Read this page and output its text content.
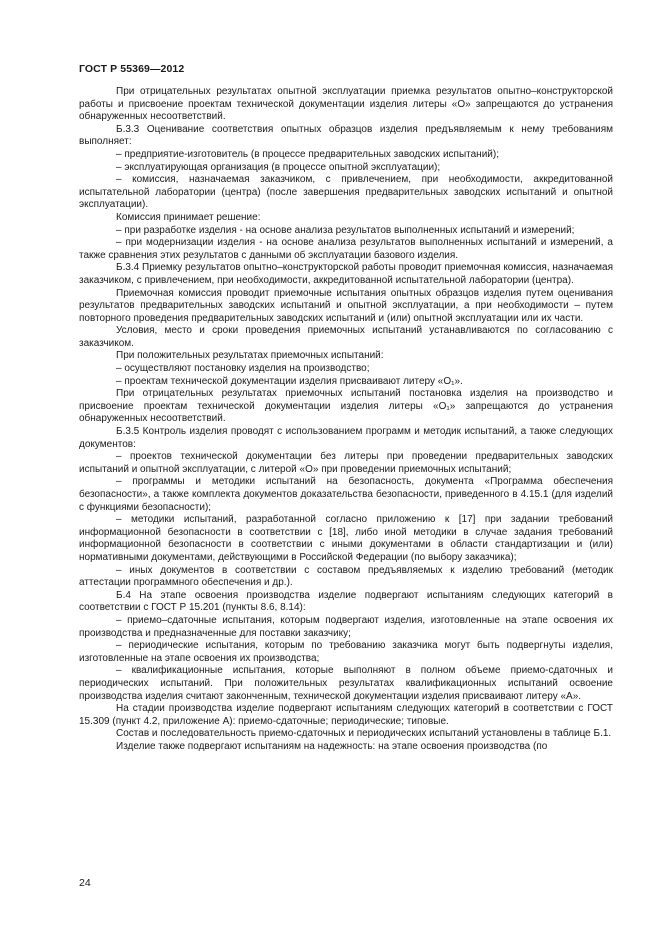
ГОСТ Р 55369—2012

При отрицательных результатах опытной эксплуатации приемка результатов опытно–конструкторской работы и присвоение проектам технической документации изделия литеры «О» запрещаются до устранения обнаруженных несоответствий.

Б.3.3 Оценивание соответствия опытных образцов изделия предъявляемым к нему требованиям выполняет:

– предприятие-изготовитель (в процессе предварительных заводских испытаний);

– эксплуатирующая организация (в процессе опытной эксплуатации);

– комиссия, назначаемая заказчиком, с привлечением, при необходимости, аккредитованной испытательной лаборатории (центра) (после завершения предварительных заводских испытаний и опытной эксплуатации).

Комиссия принимает решение:

– при разработке изделия - на основе анализа результатов выполненных испытаний и измерений;

– при модернизации изделия - на основе анализа результатов выполненных испытаний и измерений, а также сравнения этих результатов с данными об эксплуатации базового изделия.

Б.3.4 Приемку результатов опытно–конструкторской работы проводит приемочная комиссия, назначаемая заказчиком, с привлечением, при необходимости, аккредитованной испытательной лаборатории (центра).

Приемочная комиссия проводит приемочные испытания опытных образцов изделия путем оценивания результатов предварительных заводских испытаний и опытной эксплуатации, а при необходимости – путем повторного проведения предварительных заводских испытаний и (или) опытной эксплуатации или их части.

Условия, место и сроки проведения приемочных испытаний устанавливаются по согласованию с заказчиком.

При положительных результатах приемочных испытаний:

– осуществляют постановку изделия на производство;

– проектам технической документации изделия присваивают литеру «О₁».

При отрицательных результатах приемочных испытаний постановка изделия на производство и присвоение проектам технической документации изделия литеры «О₁» запрещаются до устранения обнаруженных несоответствий.

Б.3.5 Контроль изделия проводят с использованием программ и методик испытаний, а также следующих документов:

– проектов технической документации без литеры при проведении предварительных заводских испытаний и опытной эксплуатации, с литерой «О» при проведении приемочных испытаний;

– программы и методики испытаний на безопасность, документа «Программа обеспечения безопасности», а также комплекта документов доказательства безопасности, приведенного в 4.15.1 (для изделий с функциями безопасности);

– методики испытаний, разработанной согласно приложению к [17] при задании требований информационной безопасности в соответствии с [18], либо иной методики в случае задания требований информационной безопасности в соответствии с иными документами в области стандартизации и (или) нормативными документами, действующими в Российской Федерации (по выбору заказчика);

– иных документов в соответствии с составом предъявляемых к изделию требований (методик аттестации программного обеспечения и др.).

Б.4 На этапе освоения производства изделие подвергают испытаниям следующих категорий в соответствии с ГОСТ Р 15.201 (пункты 8.6, 8.14):

– приемо–сдаточные испытания, которым подвергают изделия, изготовленные на этапе освоения их производства и предназначенные для поставки заказчику;

– периодические испытания, которым по требованию заказчика могут быть подвергнуты изделия, изготовленные на этапе освоения их производства;

– квалификационные испытания, которые выполняют в полном объеме приемо-сдаточных и периодических испытаний. При положительных результатах квалификационных испытаний освоение производства изделия считают законченным, технической документации изделия присваивают литеру «А».

На стадии производства изделие подвергают испытаниям следующих категорий в соответствии с ГОСТ 15.309 (пункт 4.2, приложение А): приемо-сдаточные; периодические; типовые.

Состав и последовательность приемо-сдаточных и периодических испытаний установлены в таблице Б.1.

Изделие также подвергают испытаниям на надежность: на этапе освоения производства (по

24
